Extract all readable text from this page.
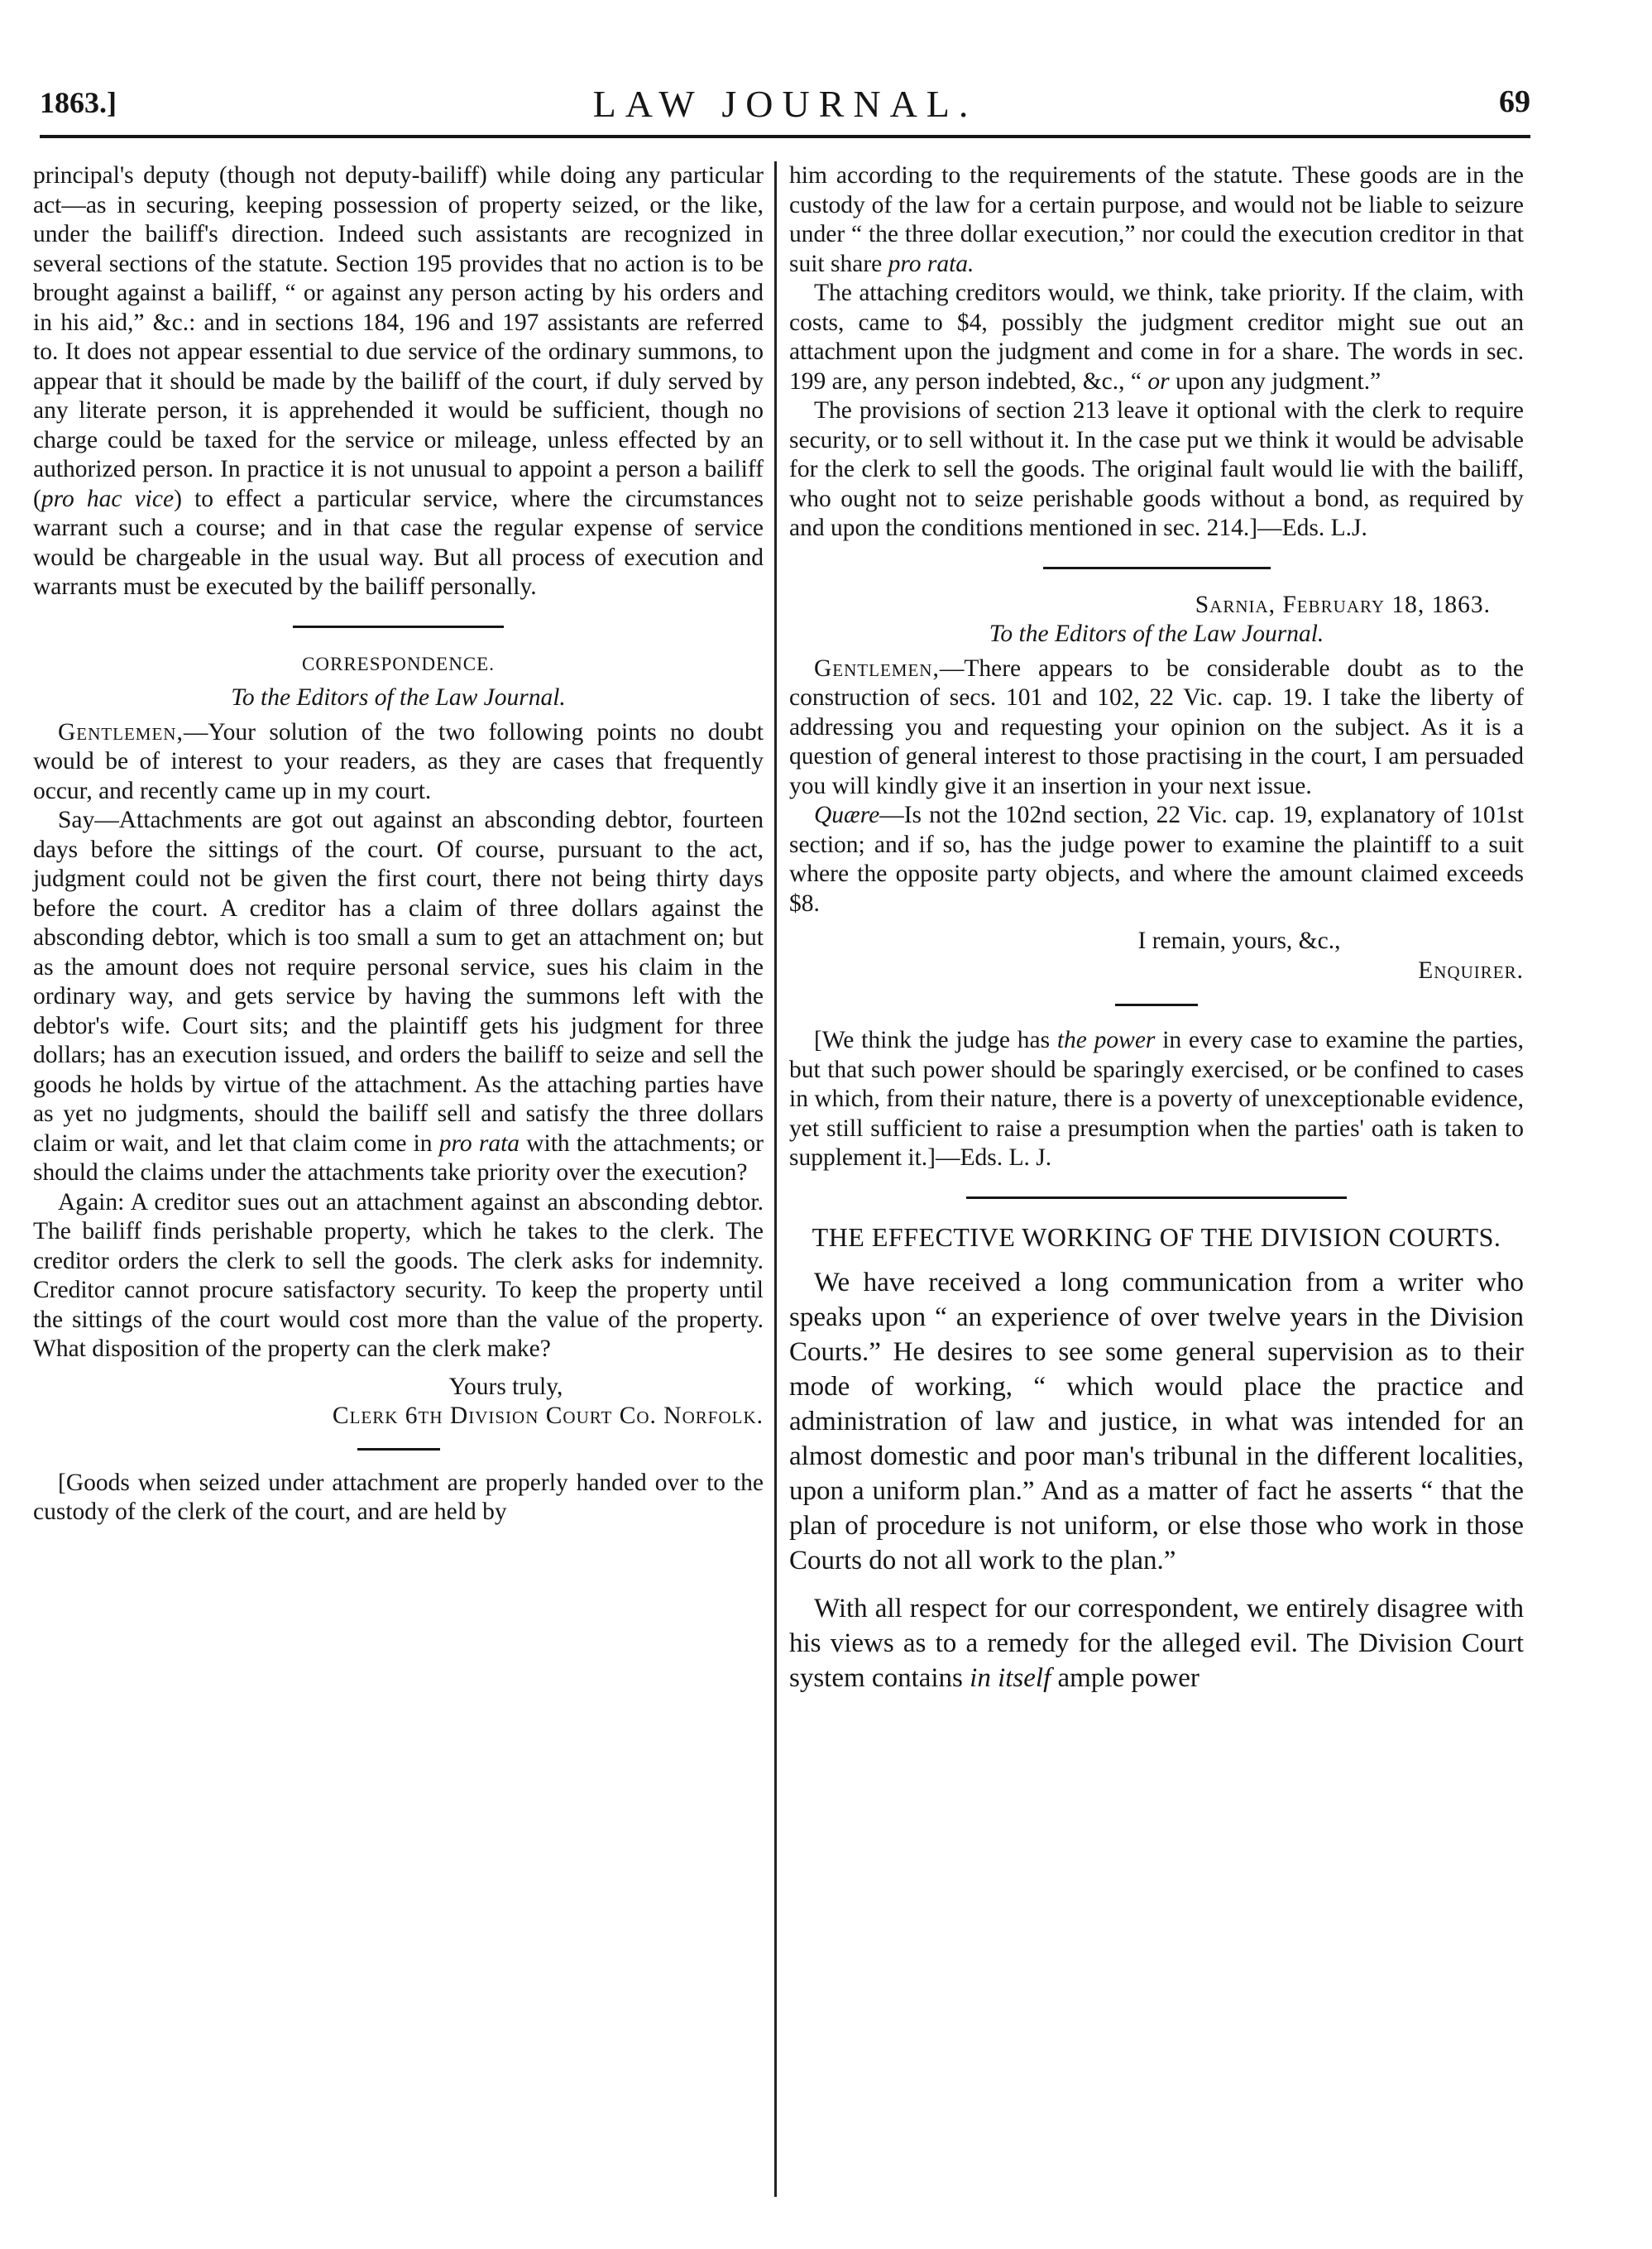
1863.]	LAW JOURNAL.	69

principal's deputy (though not deputy-bailiff) while doing any particular act—as in securing, keeping possession of property seized, or the like, under the bailiff's direction. Indeed such assistants are recognized in several sections of the statute. Section 195 provides that no action is to be brought against a bailiff, “ or against any person acting by his orders and in his aid,” &c.: and in sections 184, 196 and 197 assistants are referred to. It does not appear essential to due service of the ordinary summons, to appear that it should be made by the bailiff of the court, if duly served by any literate person, it is apprehended it would be sufficient, though no charge could be taxed for the service or mileage, unless effected by an authorized person. In practice it is not unusual to appoint a person a bailiff (pro hac vice) to effect a particular service, where the circumstances warrant such a course; and in that case the regular expense of service would be chargeable in the usual way. But all process of execution and warrants must be executed by the bailiff personally.

CORRESPONDENCE.

To the Editors of the Law Journal.

Gentlemen,—Your solution of the two following points no doubt would be of interest to your readers, as they are cases that frequently occur, and recently came up in my court.

Say—Attachments are got out against an absconding debtor, fourteen days before the sittings of the court. Of course, pursuant to the act, judgment could not be given the first court, there not being thirty days before the court. A creditor has a claim of three dollars against the absconding debtor, which is too small a sum to get an attachment on; but as the amount does not require personal service, sues his claim in the ordinary way, and gets service by having the summons left with the debtor's wife. Court sits; and the plaintiff gets his judgment for three dollars; has an execution issued, and orders the bailiff to seize and sell the goods he holds by virtue of the attachment. As the attaching parties have as yet no judgments, should the bailiff sell and satisfy the three dollars claim or wait, and let that claim come in pro rata with the attachments; or should the claims under the attachments take priority over the execution?

Again: A creditor sues out an attachment against an absconding debtor. The bailiff finds perishable property, which he takes to the clerk. The creditor orders the clerk to sell the goods. The clerk asks for indemnity. Creditor cannot procure satisfactory security. To keep the property until the sittings of the court would cost more than the value of the property. What disposition of the property can the clerk make?

Yours truly,

Clerk 6th Division Court Co. Norfolk.

[Goods when seized under attachment are properly handed over to the custody of the clerk of the court, and are held by

him according to the requirements of the statute. These goods are in the custody of the law for a certain purpose, and would not be liable to seizure under “ the three dollar execution,” nor could the execution creditor in that suit share pro rata.

The attaching creditors would, we think, take priority. If the claim, with costs, came to $4, possibly the judgment creditor might sue out an attachment upon the judgment and come in for a share. The words in sec. 199 are, any person indebted, &c., “ or upon any judgment.”

The provisions of section 213 leave it optional with the clerk to require security, or to sell without it. In the case put we think it would be advisable for the clerk to sell the goods. The original fault would lie with the bailiff, who ought not to seize perishable goods without a bond, as required by and upon the conditions mentioned in sec. 214.]—Eds. L.J.

Sarnia, February 18, 1863.

To the Editors of the Law Journal.

Gentlemen,—There appears to be considerable doubt as to the construction of secs. 101 and 102, 22 Vic. cap. 19. I take the liberty of addressing you and requesting your opinion on the subject. As it is a question of general interest to those practising in the court, I am persuaded you will kindly give it an insertion in your next issue.

Quære—Is not the 102nd section, 22 Vic. cap. 19, explanatory of 101st section; and if so, has the judge power to examine the plaintiff to a suit where the opposite party objects, and where the amount claimed exceeds $8.

I remain, yours, &c.,

Enquirer.

[We think the judge has the power in every case to examine the parties, but that such power should be sparingly exercised, or be confined to cases in which, from their nature, there is a poverty of unexceptionable evidence, yet still sufficient to raise a presumption when the parties' oath is taken to supplement it.]—Eds. L. J.

THE EFFECTIVE WORKING OF THE DIVISION COURTS.

We have received a long communication from a writer who speaks upon “ an experience of over twelve years in the Division Courts.” He desires to see some general supervision as to their mode of working, “ which would place the practice and administration of law and justice, in what was intended for an almost domestic and poor man's tribunal in the different localities, upon a uniform plan.” And as a matter of fact he asserts “ that the plan of procedure is not uniform, or else those who work in those Courts do not all work to the plan.”

With all respect for our correspondent, we entirely disagree with his views as to a remedy for the alleged evil. The Division Court system contains in itself ample power
